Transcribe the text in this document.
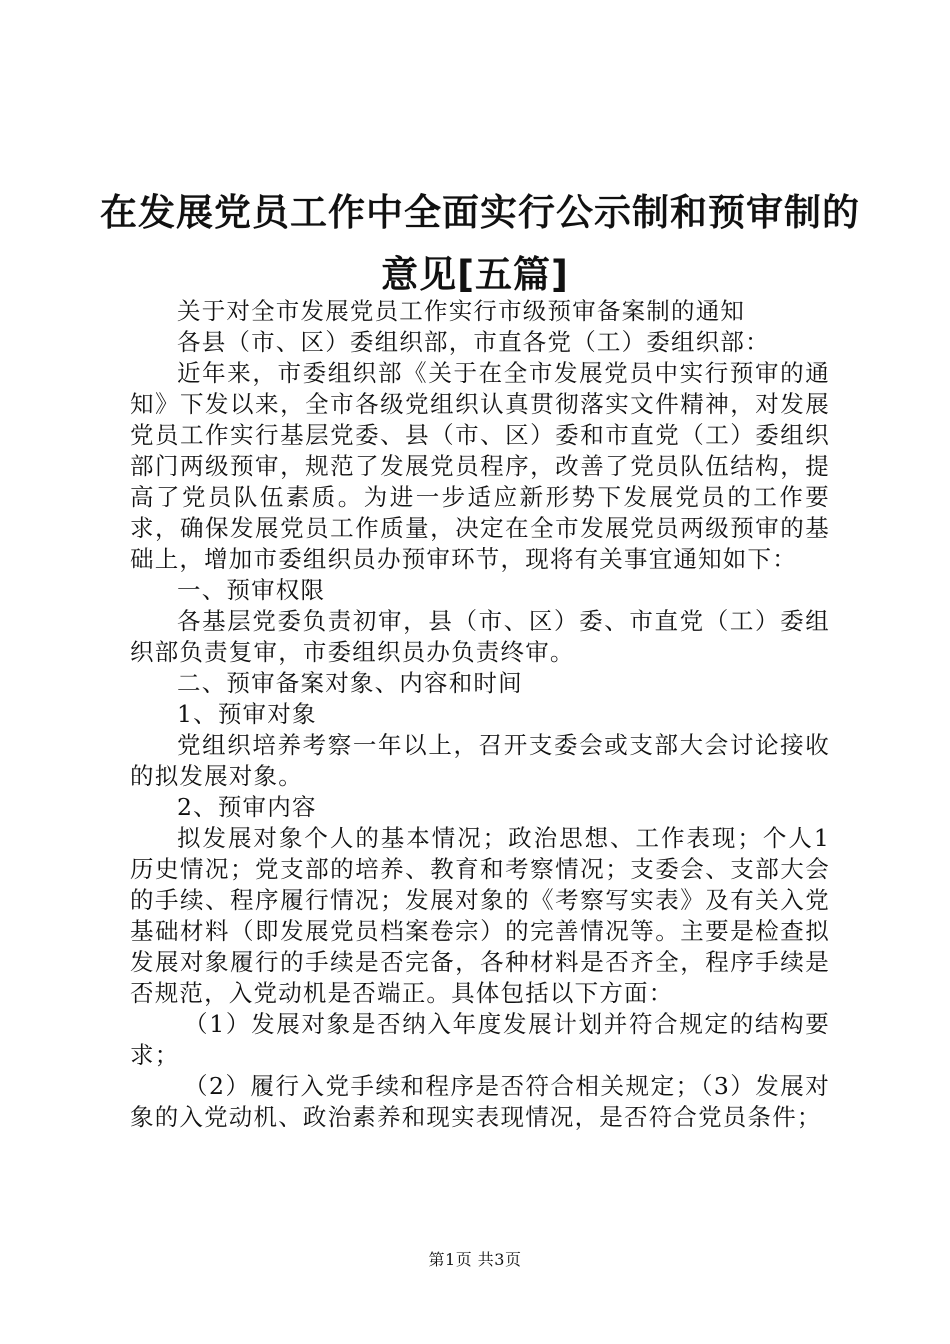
在发展党员工作中全面实行公示制和预审制的
意见[五篇]

关于对全市发展党员工作实行市级预审备案制的通知

各县（市、区）委组织部，市直各党（工）委组织部：

近年来，市委组织部《关于在全市发展党员中实行预审的通知》下发以来，全市各级党组织认真贯彻落实文件精神，对发展党员工作实行基层党委、县（市、区）委和市直党（工）委组织部门两级预审，规范了发展党员程序，改善了党员队伍结构，提高了党员队伍素质。为进一步适应新形势下发展党员的工作要求，确保发展党员工作质量，决定在全市发展党员两级预审的基础上，增加市委组织员办预审环节，现将有关事宜通知如下：

一、预审权限

各基层党委负责初审，县（市、区）委、市直党（工）委组织部负责复审，市委组织员办负责终审。

二、预审备案对象、内容和时间

1、预审对象

党组织培养考察一年以上，召开支委会或支部大会讨论接收的拟发展对象。

2、预审内容

拟发展对象个人的基本情况；政治思想、工作表现；个人1历史情况；党支部的培养、教育和考察情况；支委会、支部大会的手续、程序履行情况；发展对象的《考察写实表》及有关入党基础材料（即发展党员档案卷宗）的完善情况等。主要是检查拟发展对象履行的手续是否完备，各种材料是否齐全，程序手续是否规范，入党动机是否端正。具体包括以下方面：

（1）发展对象是否纳入年度发展计划并符合规定的结构要求；

（2）履行入党手续和程序是否符合相关规定；（3）发展对象的入党动机、政治素养和现实表现情况，是否符合党员条件；

第1页 共3页
